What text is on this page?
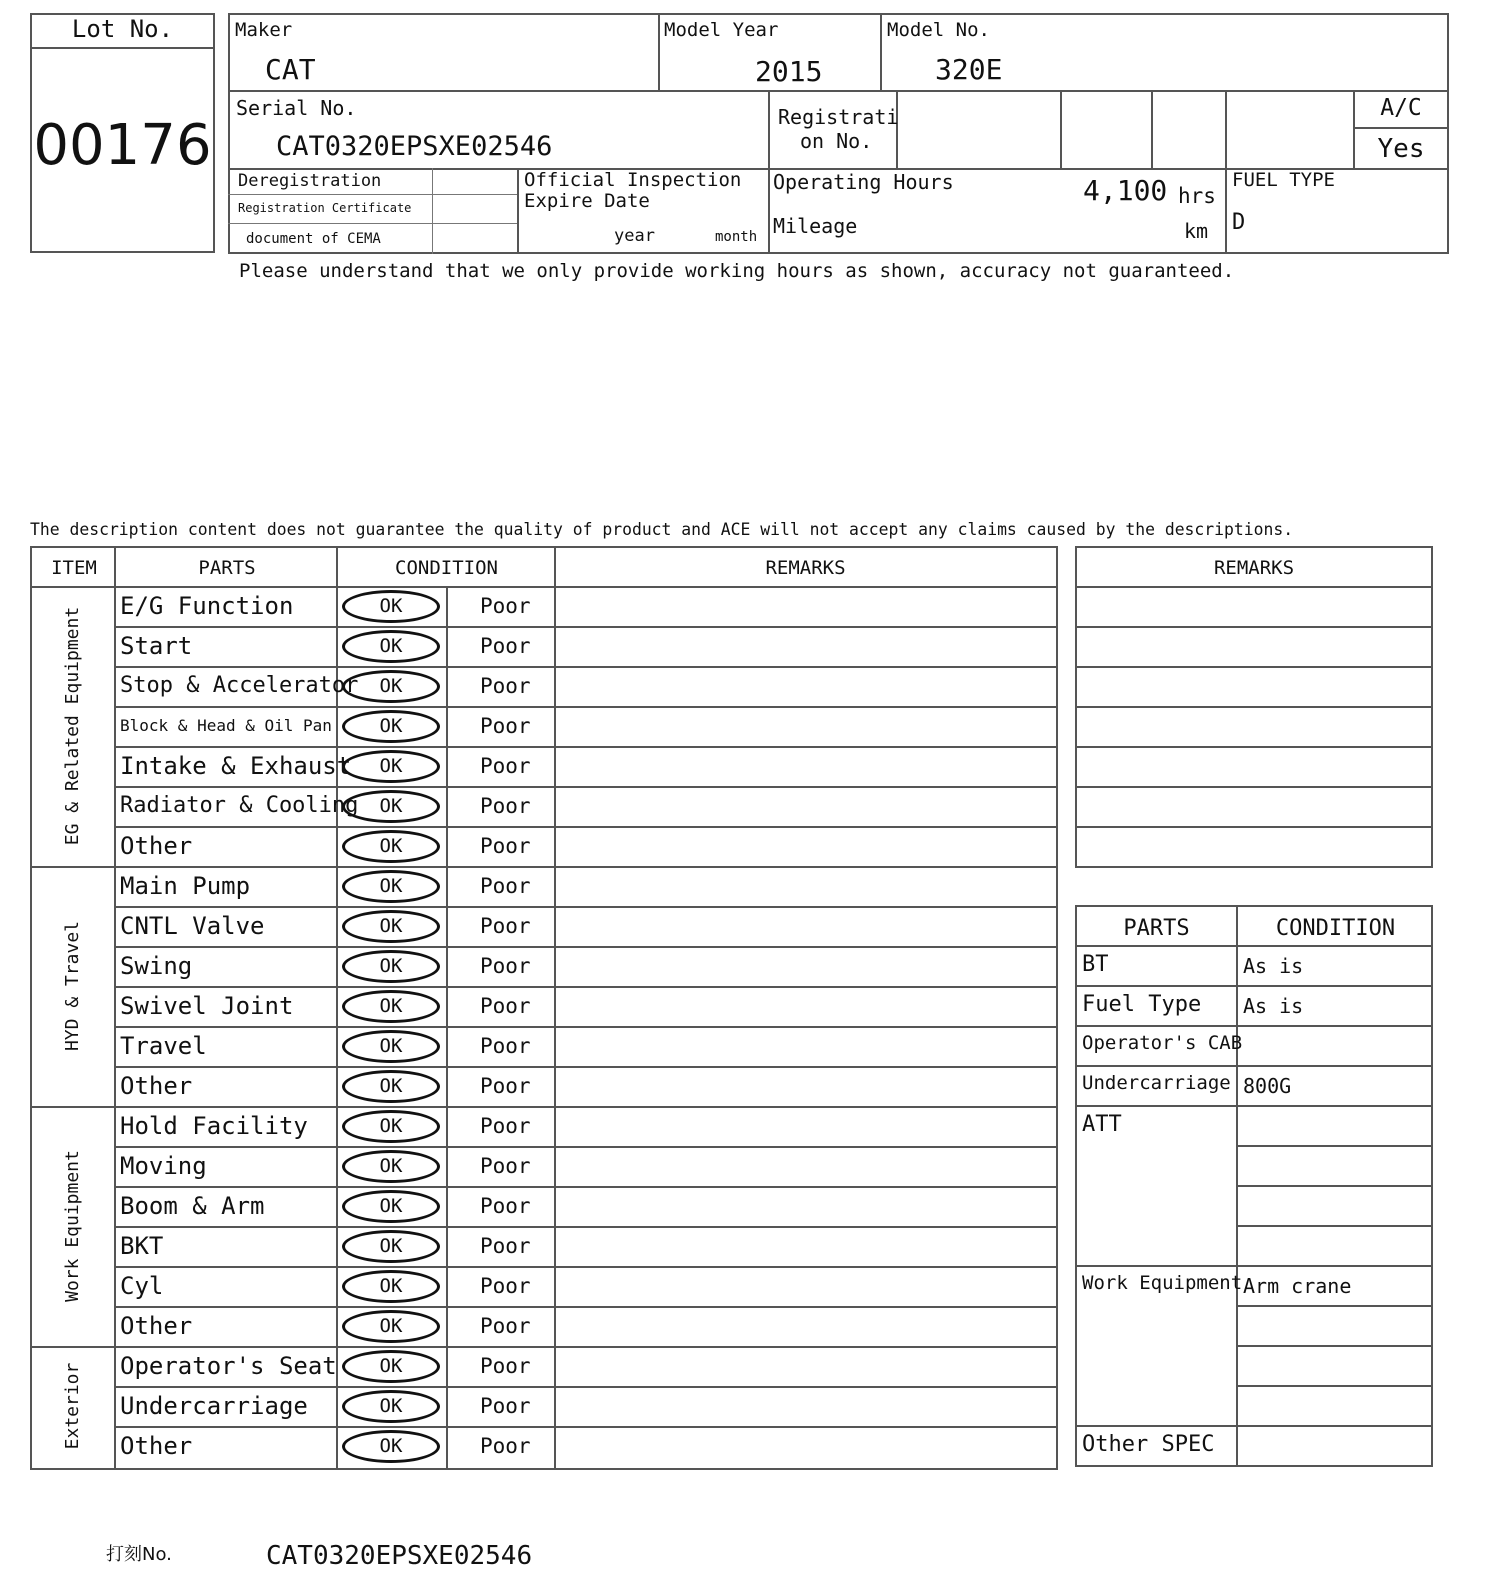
Lot No.
00176
Maker
CAT
Model Year
2015
Model No.
320E
Serial No.
CAT0320EPSXE02546
Registrati
on No.
A/C
Yes
Deregistration
Registration Certificate
document of CEMA
Official Inspection
Expire Date
year	month
Operating Hours	4,100 hrs
Mileage	km
FUEL TYPE
D
Please understand that we only provide working hours as shown, accuracy not guaranteed.
The description content does not guarantee the quality of product and ACE will not accept any claims caused by the descriptions.
ITEM	PARTS	CONDITION	REMARKS
E/G Function	OK	Poor
Start	OK	Poor
Stop & Accelerator	OK	Poor
Block & Head & Oil Pan	OK	Poor
Intake & Exhaust	OK	Poor
Radiator & Cooling	OK	Poor
Other	OK	Poor
EG & Related Equipment
Main Pump	OK	Poor
CNTL Valve	OK	Poor
Swing	OK	Poor
Swivel Joint	OK	Poor
Travel	OK	Poor
Other	OK	Poor
HYD & Travel
Hold Facility	OK	Poor
Moving	OK	Poor
Boom & Arm	OK	Poor
BKT	OK	Poor
Cyl	OK	Poor
Other	OK	Poor
Work Equipment
Operator's Seat	OK	Poor
Undercarriage	OK	Poor
Other	OK	Poor
Exterior
REMARKS
PARTS	CONDITION
BT	As is
Fuel Type As is
Operator's CAB
Undercarriage 800G
ATT
Work Equipment Arm crane
Other SPEC
打刻No.	CAT0320EPSXE02546
